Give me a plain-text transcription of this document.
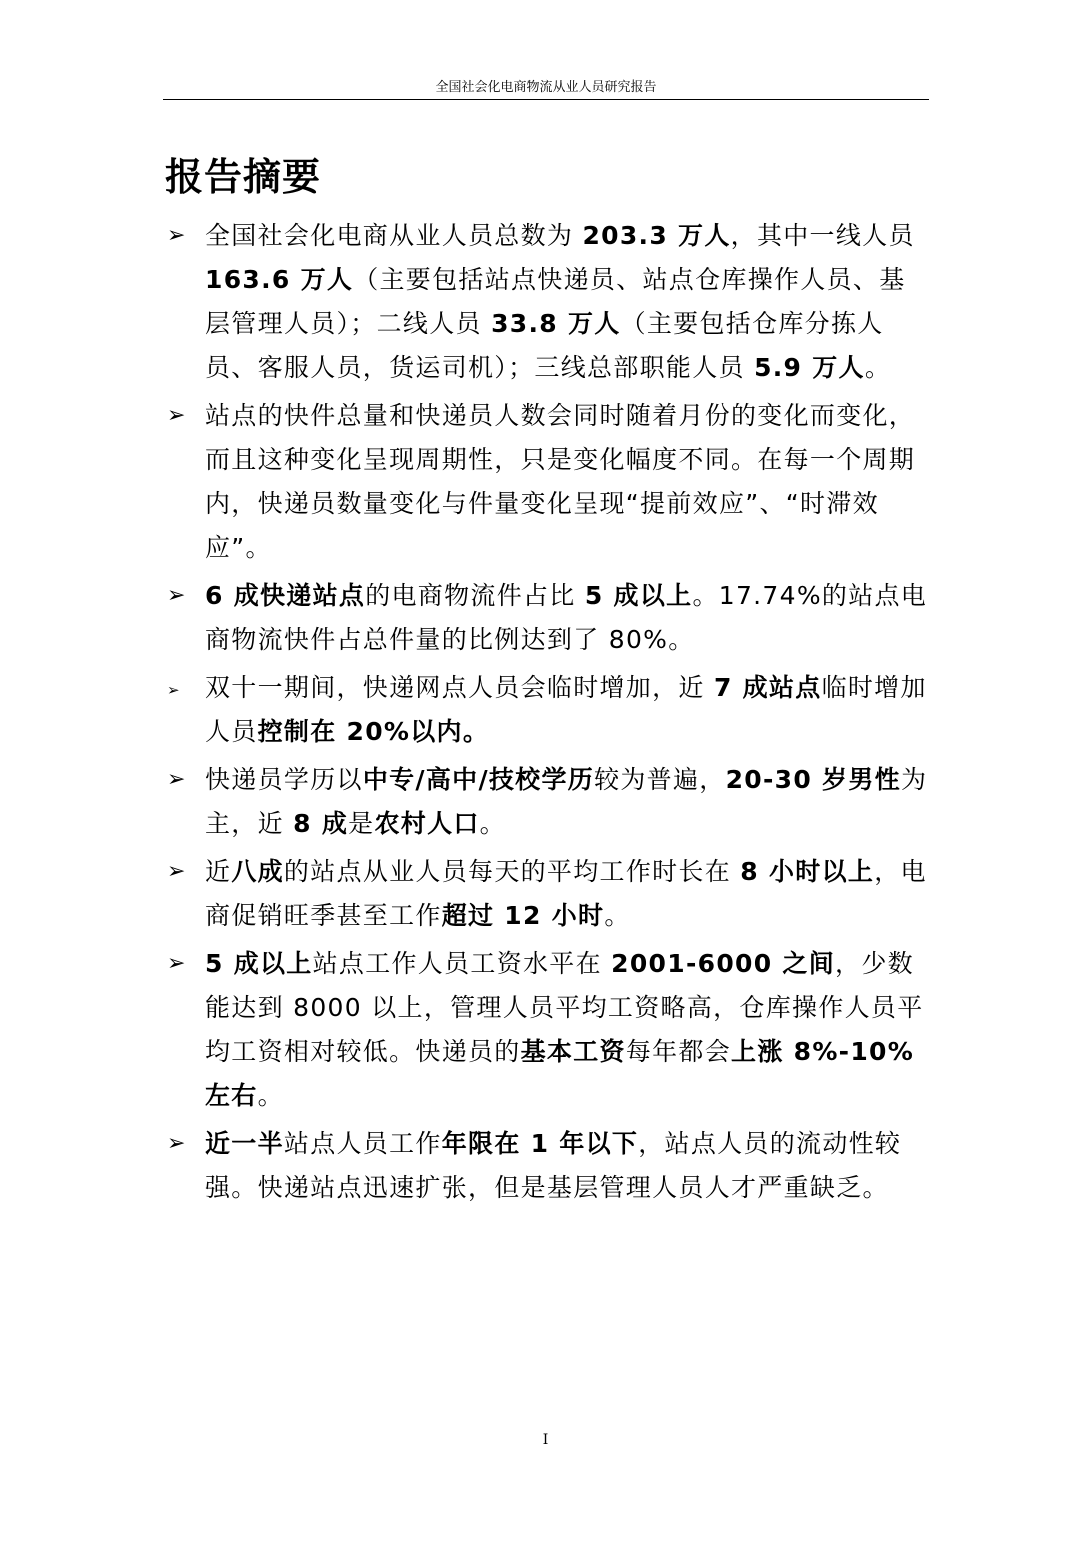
全国社会化电商物流从业人员研究报告
报告摘要
➢ 全国社会化电商从业人员总数为 203.3 万人，其中一线人员 163.6 万人（主要包括站点快递员、站点仓库操作人员、基层管理人员）；二线人员 33.8 万人（主要包括仓库分拣人员、客服人员，货运司机）；三线总部职能人员 5.9 万人。
➢ 站点的快件总量和快递员人数会同时随着月份的变化而变化，而且这种变化呈现周期性，只是变化幅度不同。在每一个周期内，快递员数量变化与件量变化呈现“提前效应”、“时滞效应”。
➢ 6 成快递站点的电商物流件占比 5 成以上。17.74%的站点电商物流快件占总件量的比例达到了 80%。
➢	双十一期间，快递网点人员会临时增加，近 7 成站点临时增加人员控制在 20%以内。
➢ 快递员学历以中专/高中/技校学历较为普遍，20-30 岁男性为主，近 8 成是农村人口。
➢ 近八成的站点从业人员每天的平均工作时长在 8 小时以上，电商促销旺季甚至工作超过 12 小时。
➢ 5 成以上站点工作人员工资水平在 2001-6000 之间，少数能达到 8000 以上，管理人员平均工资略高，仓库操作人员平均工资相对较低。快递员的基本工资每年都会上涨 8%-10%左右。
➢ 近一半站点人员工作年限在 1 年以下，站点人员的流动性较强。快递站点迅速扩张，但是基层管理人员人才严重缺乏。
I
